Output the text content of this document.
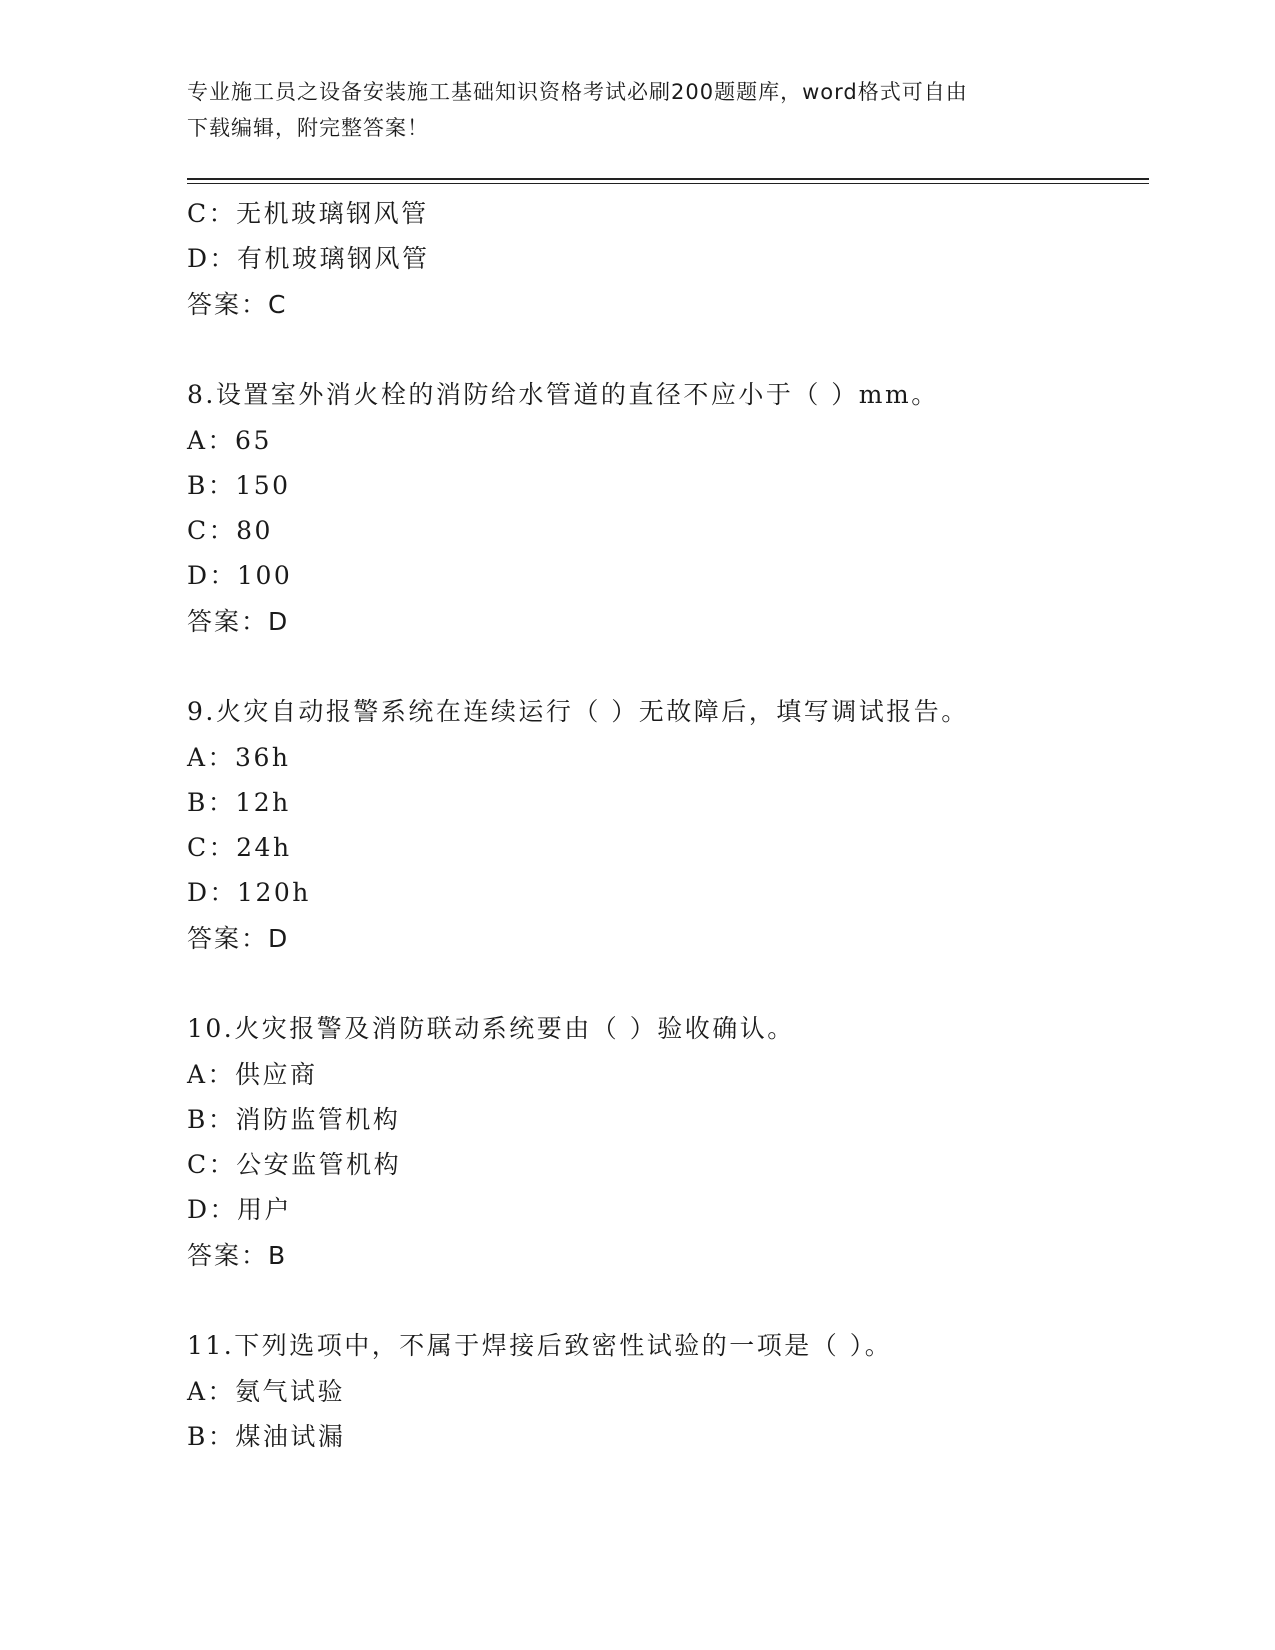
专业施工员之设备安装施工基础知识资格考试必刷200题题库，word格式可自由
下载编辑，附完整答案！
C：无机玻璃钢风管
D：有机玻璃钢风管
答案：C
8.设置室外消火栓的消防给水管道的直径不应小于（ ）mm。
A：65
B：150
C：80
D：100
答案：D
9.火灾自动报警系统在连续运行（ ）无故障后，填写调试报告。
A：36h
B：12h
C：24h
D：120h
答案：D
10.火灾报警及消防联动系统要由（ ）验收确认。
A：供应商
B：消防监管机构
C：公安监管机构
D：用户
答案：B
11.下列选项中，不属于焊接后致密性试验的一项是（ ）。
A：氨气试验
B：煤油试漏
